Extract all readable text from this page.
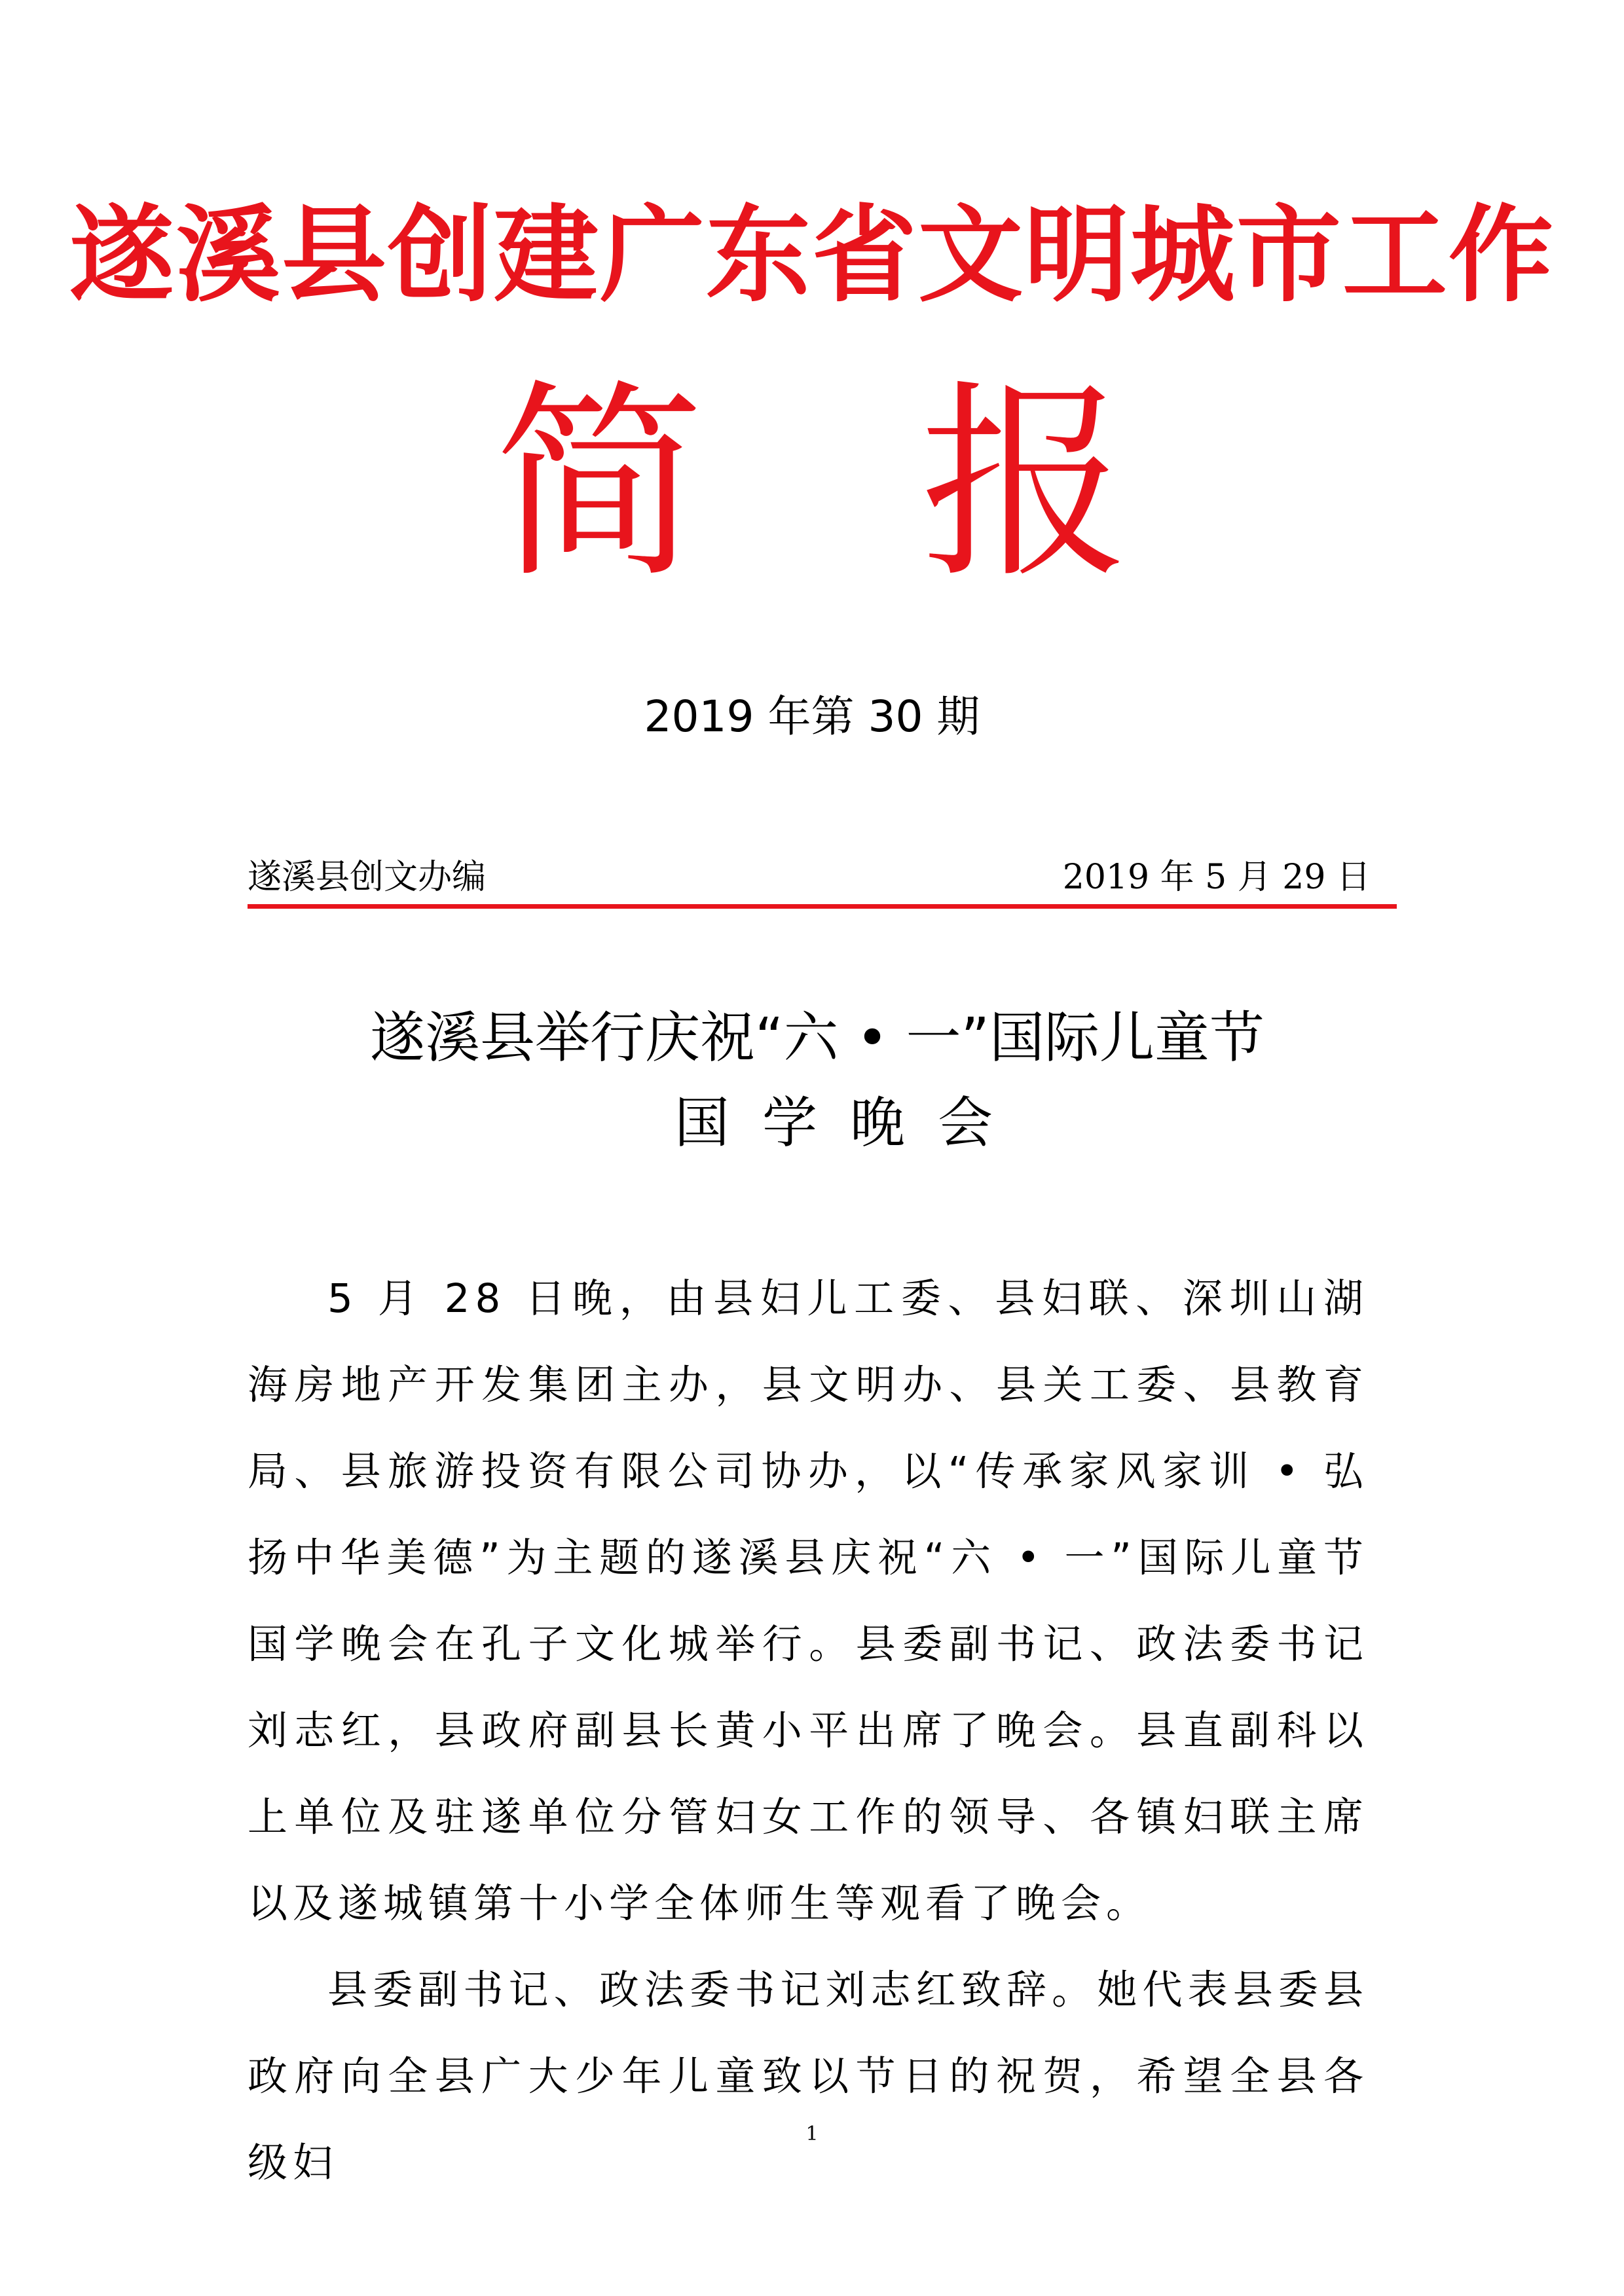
遂溪县创建广东省文明城市工作
简 报
2019 年第 30 期
遂溪县创文办编	2019 年 5 月 29 日
遂溪县举行庆祝“六 • 一”国际儿童节
国学晚会

5 月 28 日晚，由县妇儿工委、县妇联、深圳山湖海房地产开发集团主办，县文明办、县关工委、县教育局、县旅游投资有限公司协办，以“传承家风家训 • 弘扬中华美德”为主题的遂溪县庆祝“六 • 一”国际儿童节国学晚会在孔子文化城举行。县委副书记、政法委书记刘志红，县政府副县长黄小平出席了晚会。县直副科以上单位及驻遂单位分管妇女工作的领导、各镇妇联主席以及遂城镇第十小学全体师生等观看了晚会。

县委副书记、政法委书记刘志红致辞。她代表县委县政府向全县广大少年儿童致以节日的祝贺，希望全县各级妇

1
